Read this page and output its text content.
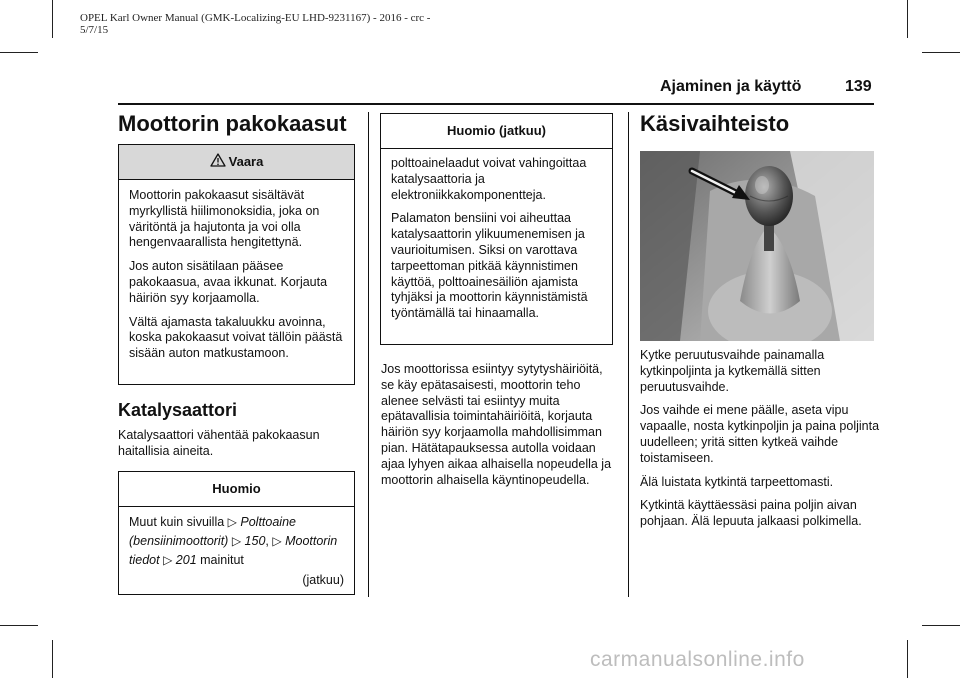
OPEL Karl Owner Manual (GMK-Localizing-EU LHD-9231167) - 2016 - crc -
5/7/15
Ajaminen ja käyttö	139
Moottorin pakokaasut
Vaara

Moottorin pakokaasut sisältävät myrkyllistä hiilimonoksidia, joka on väritöntä ja hajutonta ja voi olla hengenvaarallista hengitettynä.

Jos auton sisätilaan pääsee pakokaasua, avaa ikkunat. Korjauta häiriön syy korjaamolla.

Vältä ajamasta takaluukku avoinna, koska pakokaasut voivat tällöin päästä sisään auton matkustamoon.

Katalysaattori

Katalysaattori vähentää pakokaasun haitallisia aineita.

Huomio
Muut kuin sivuilla ▷ Polttoaine (bensiinimoottorit) ▷ 150, ▷ Moottorin tiedot ▷ 201 mainitut
(jatkuu)
Huomio (jatkuu)

polttoainelaadut voivat vahingoittaa katalysaattoria ja elektroniikkakomponentteja.

Palamaton bensiini voi aiheuttaa katalysaattorin ylikuumenemisen ja vaurioitumisen. Siksi on varottava tarpeettoman pitkää käynnistimen käyttöä, polttoainesäiliön ajamista tyhjäksi ja moottorin käynnistämistä työntämällä tai hinaamalla.

Jos moottorissa esiintyy sytytyshäiriöitä, se käy epätasaisesti, moottorin teho alenee selvästi tai esiintyy muita epätavallisia toimintahäiriöitä, korjauta häiriön syy korjaamolla mahdollisimman pian. Hätätapauksessa autolla voidaan ajaa lyhyen aikaa alhaisella nopeudella ja moottorin alhaisella käyntinopeudella.

Käsivaihteisto

Kytke peruutusvaihde painamalla kytkinpoljinta ja kytkemällä sitten peruutusvaihde.

Jos vaihde ei mene päälle, aseta vipu vapaalle, nosta kytkinpoljin ja paina poljinta uudelleen; yritä sitten kytkeä vaihde toistamiseen.

Älä luistata kytkintä tarpeettomasti.

Kytkintä käyttäessäsi paina poljin aivan pohjaan. Älä lepuuta jalkaasi polkimella.

carmanualsonline.info
